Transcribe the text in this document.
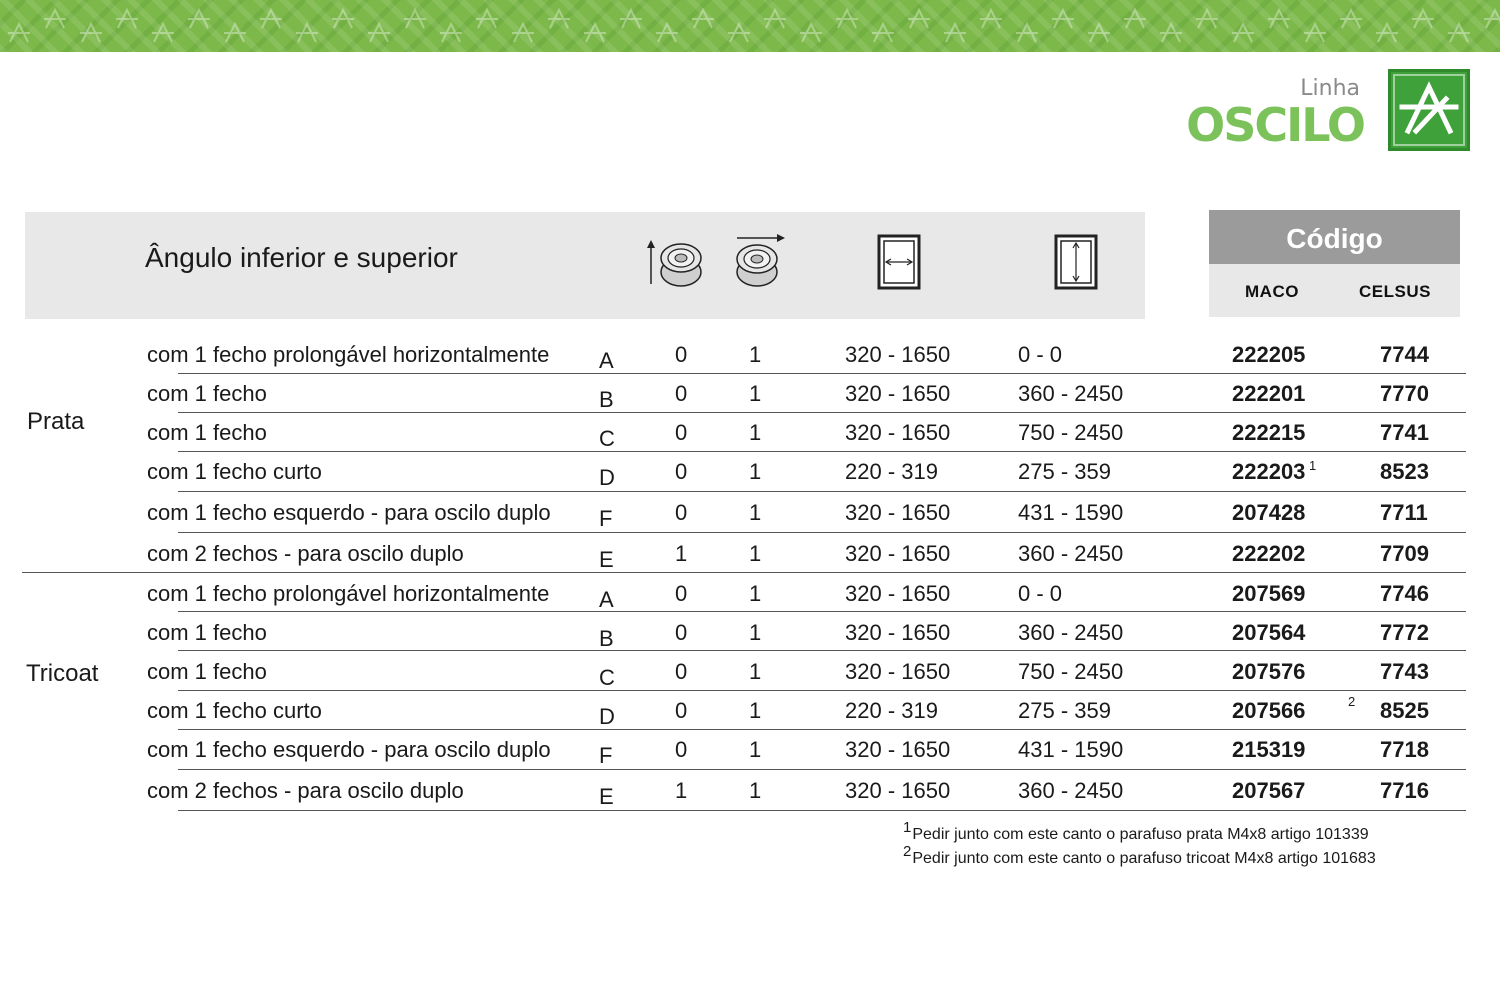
Linha
OSCILO
Ângulo inferior e superior
Código
MACO	CELSUS
Prata
Tricoat
com 1 fecho prolongável horizontalmente A	0	1	320 - 1650	0 - 0	222205	7744
com 1 fecho	B	0	1	320 - 1650	360 - 2450	222201	7770
com 1 fecho	C	0	1	320 - 1650	750 - 2450	222215	7741
com 1 fecho curto	D	0	1	220 - 319	275 - 359	222203	8523
1
com 1 fecho esquerdo - para oscilo duplo F	0	1	320 - 1650	431 - 1590	207428	7711
com 2 fechos - para oscilo duplo	E	1	1	320 - 1650	360 - 2450	222202	7709
com 1 fecho prolongável horizontalmente A	0	1	320 - 1650	0 - 0	207569	7746
com 1 fecho	B	0	1	320 - 1650	360 - 2450	207564	7772
com 1 fecho	C	0	1	320 - 1650	750 - 2450	207576	7743
com 1 fecho curto	D	0	1	220 - 319	275 - 359	207566	8525
2
com 1 fecho esquerdo - para oscilo duplo F	0	1	320 - 1650	431 - 1590	215319	7718
com 2 fechos - para oscilo duplo	E	1	1	320 - 1650	360 - 2450	207567	7716
1Pedir junto com este canto o parafuso prata M4x8 artigo 101339
2Pedir junto com este canto o parafuso tricoat M4x8 artigo 101683
